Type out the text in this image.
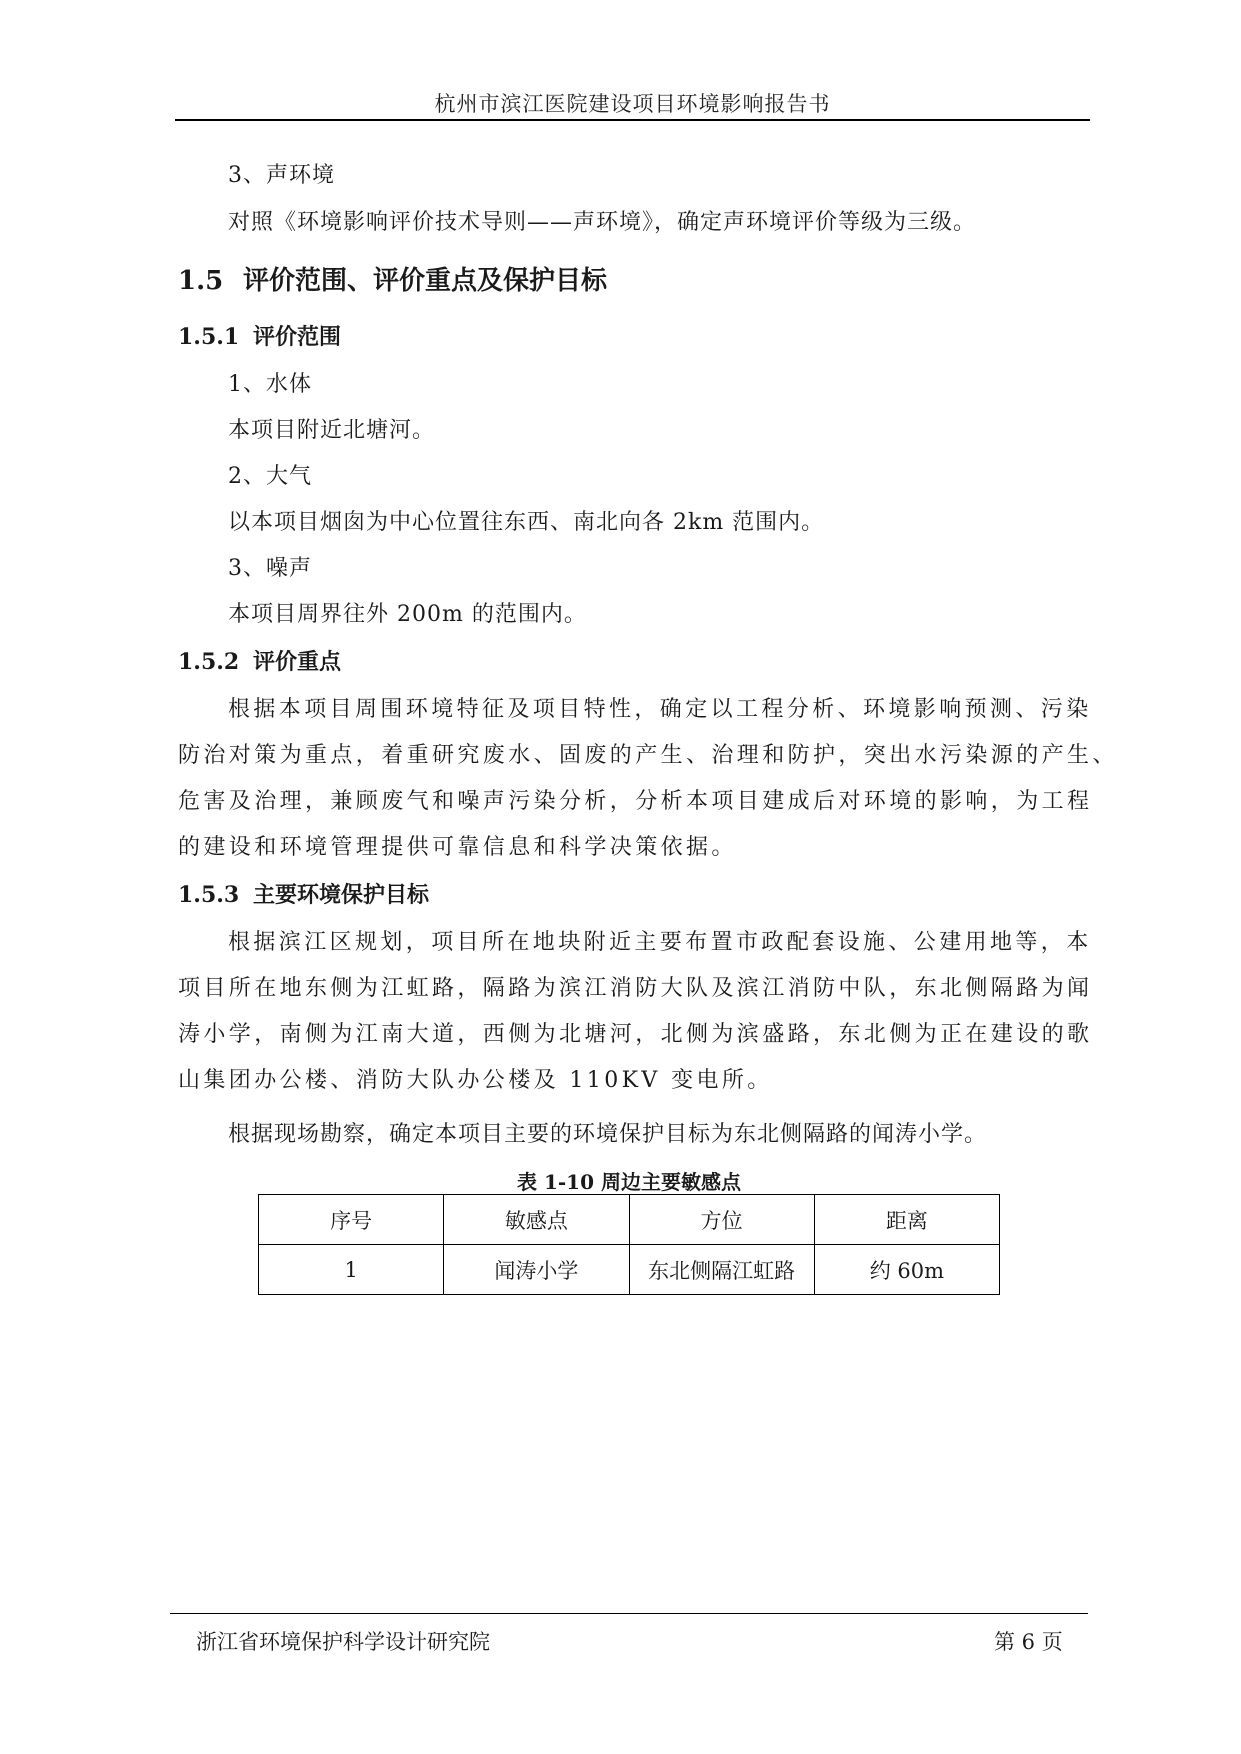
杭州市滨江医院建设项目环境影响报告书
3、声环境
对照《环境影响评价技术导则——声环境》，确定声环境评价等级为三级。
1.5 评价范围、评价重点及保护目标
1.5.1 评价范围
1、水体
本项目附近北塘河。
2、大气
以本项目烟囱为中心位置往东西、南北向各 2km 范围内。
3、噪声
本项目周界往外 200m 的范围内。
1.5.2 评价重点
根据本项目周围环境特征及项目特性，确定以工程分析、环境影响预测、污染
防治对策为重点，着重研究废水、固废的产生、治理和防护，突出水污染源的产生、
危害及治理，兼顾废气和噪声污染分析，分析本项目建成后对环境的影响，为工程
的建设和环境管理提供可靠信息和科学决策依据。
1.5.3 主要环境保护目标
根据滨江区规划，项目所在地块附近主要布置市政配套设施、公建用地等，本
项目所在地东侧为江虹路，隔路为滨江消防大队及滨江消防中队，东北侧隔路为闻
涛小学，南侧为江南大道，西侧为北塘河，北侧为滨盛路，东北侧为正在建设的歌
山集团办公楼、消防大队办公楼及 110KV 变电所。
根据现场勘察，确定本项目主要的环境保护目标为东北侧隔路的闻涛小学。
表 1-10 周边主要敏感点
序号	敏感点	方位	距离
1	闻涛小学	东北侧隔江虹路	约 60m
浙江省环境保护科学设计研究院	第 6 页
